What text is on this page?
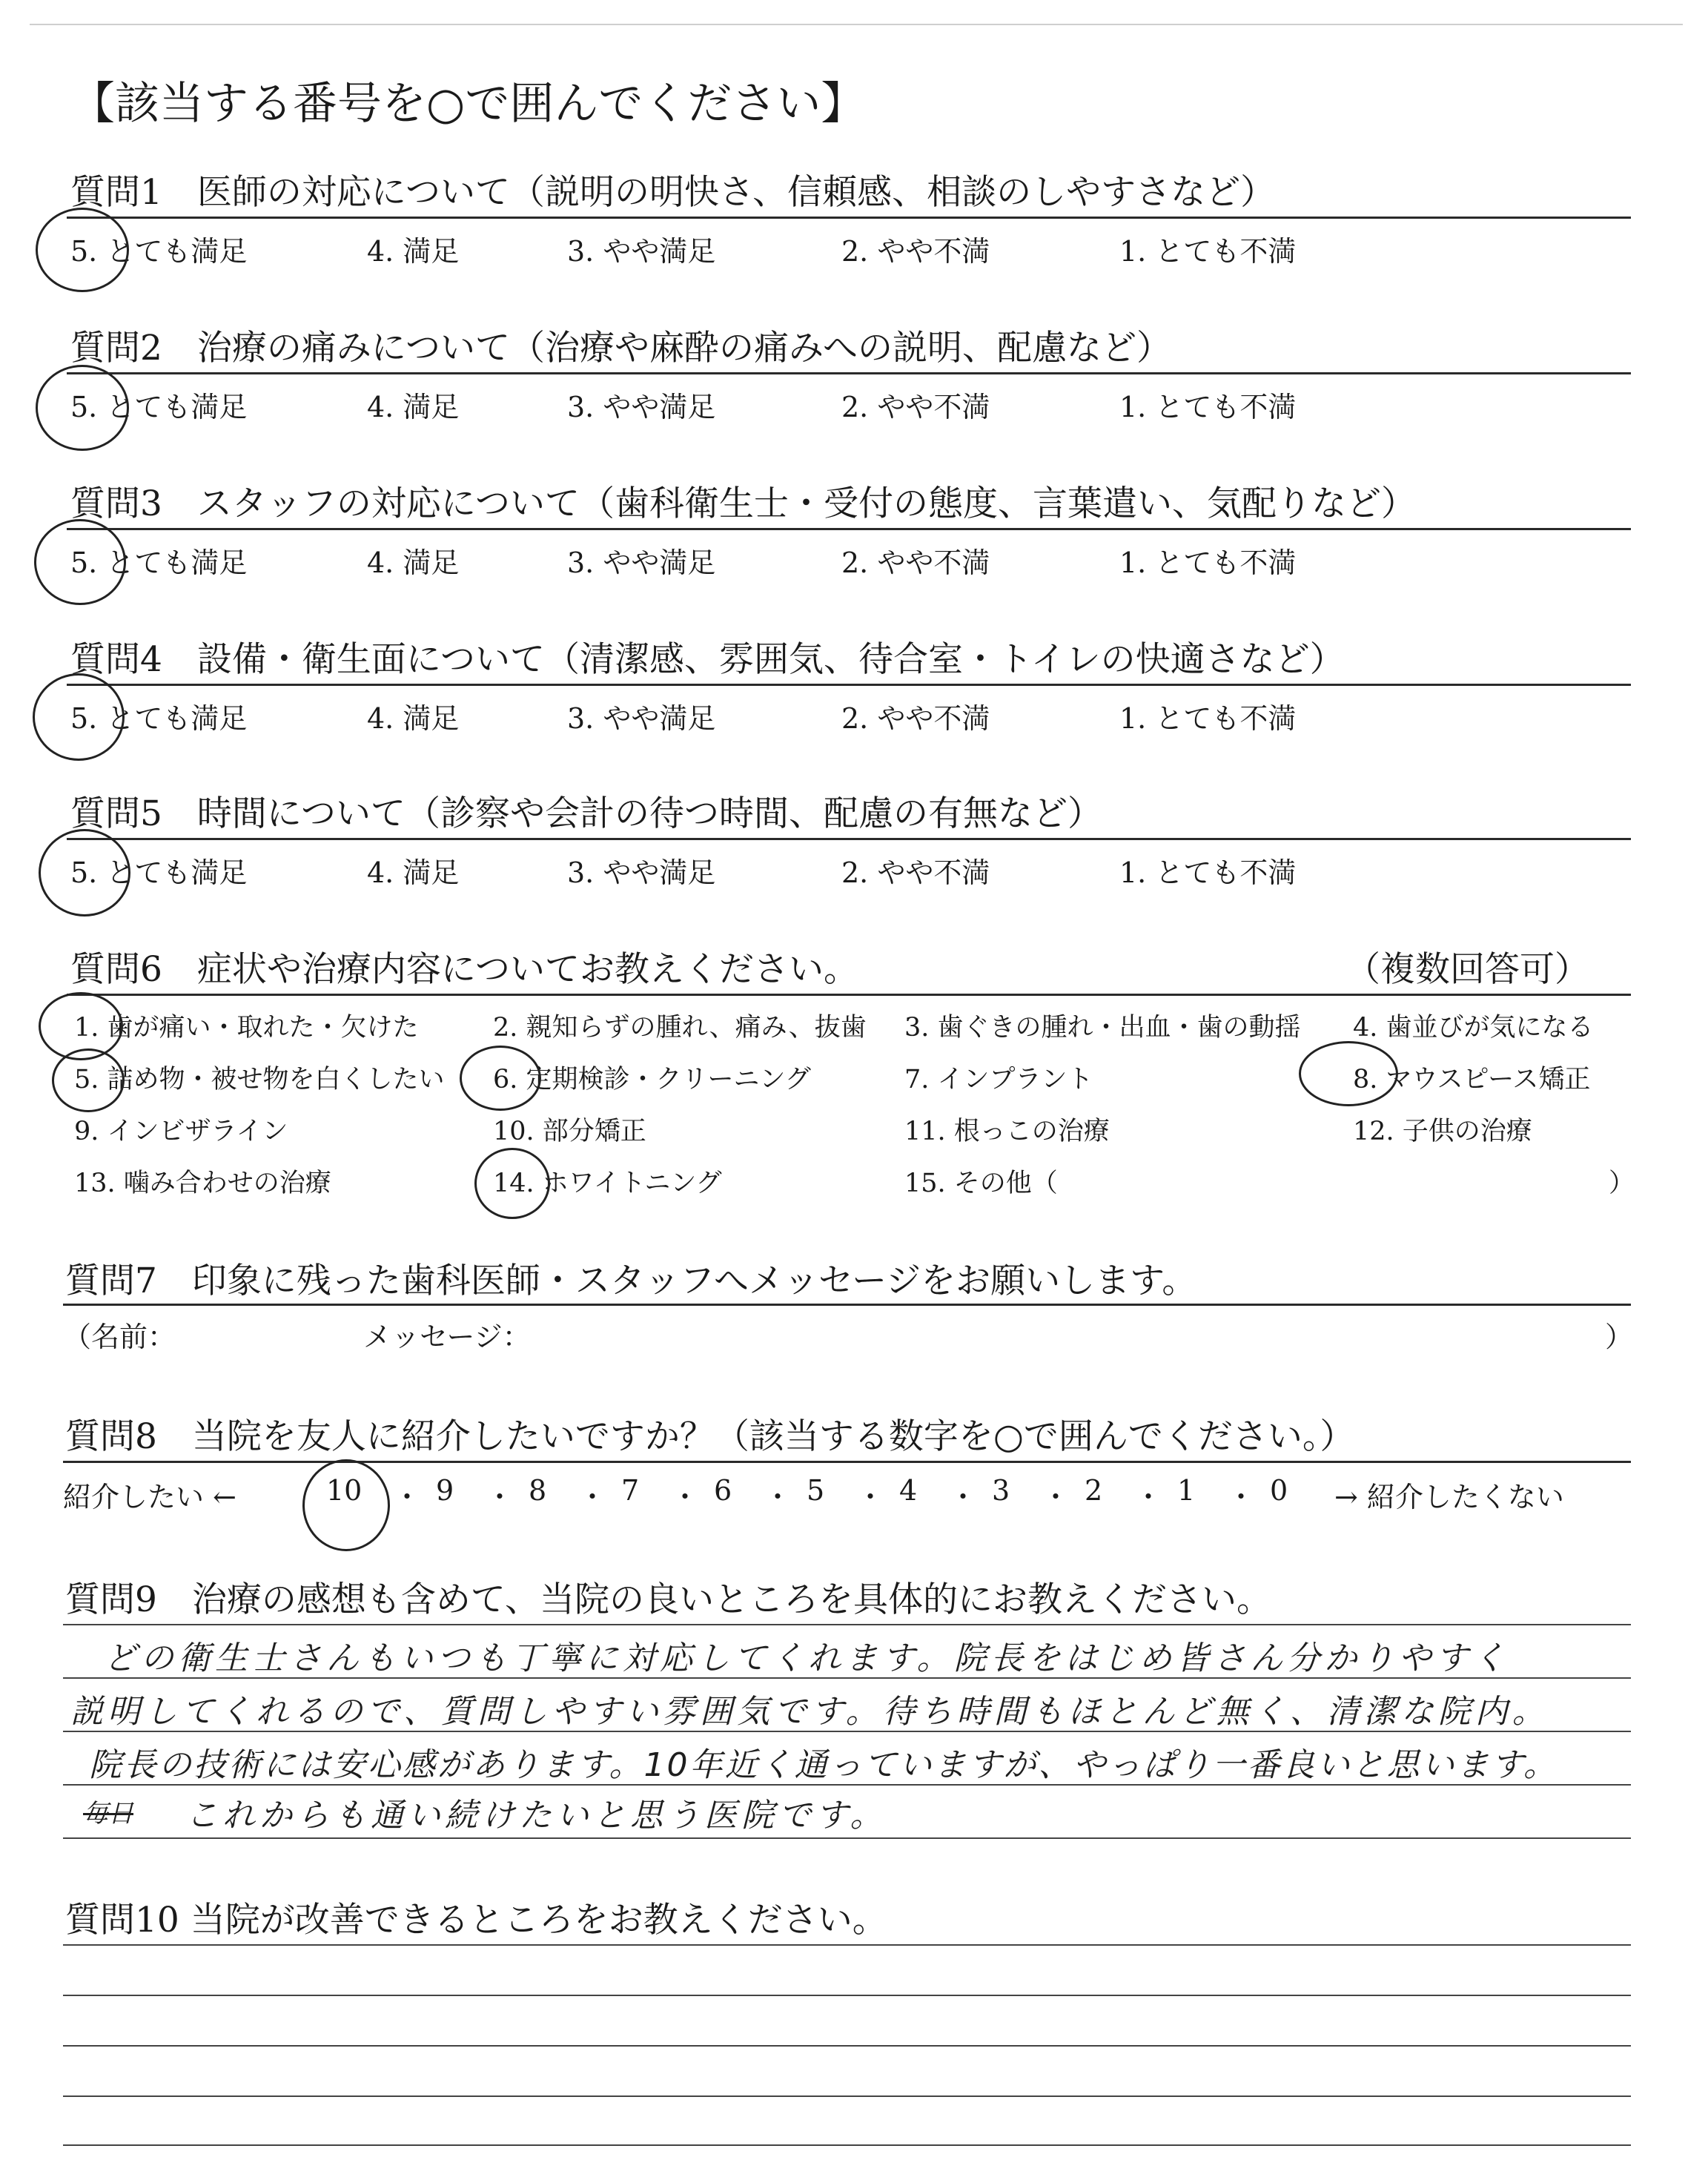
【該当する番号を○で囲んでください】
質問1　医師の対応について（説明の明快さ、信頼感、相談のしやすさなど）
5. とても満足	4. 満足	3. やや満足	2. やや不満	1. とても不満
質問2　治療の痛みについて（治療や麻酔の痛みへの説明、配慮など）
5. とても満足	4. 満足	3. やや満足	2. やや不満	1. とても不満
質問3　スタッフの対応について（歯科衛生士・受付の態度、言葉遣い、気配りなど）
5. とても満足	4. 満足	3. やや満足	2. やや不満	1. とても不満
質問4　設備・衛生面について（清潔感、雰囲気、待合室・トイレの快適さなど）
5. とても満足	4. 満足	3. やや満足	2. やや不満	1. とても不満
質問5　時間について（診察や会計の待つ時間、配慮の有無など）
5. とても満足	4. 満足	3. やや満足	2. やや不満	1. とても不満
質問6　症状や治療内容についてお教えください。	（複数回答可）
1. 歯が痛い・取れた・欠けた	2. 親知らずの腫れ、痛み、抜歯 3. 歯ぐきの腫れ・出血・歯の動揺 4. 歯並びが気になる
5. 詰め物・被せ物を白くしたい 6. 定期検診・クリーニング	7. インプラント	8. マウスピース矯正
9. インビザライン	10. 部分矯正	11. 根っこの治療	12. 子供の治療
13. 噛み合わせの治療	14. ホワイトニング	15. その他（	）
質問7　印象に残った歯科医師・スタッフへメッセージをお願いします。
（名前：	メッセージ：	）
質問8　当院を友人に紹介したいですか？（該当する数字を○で囲んでください。）
紹介したい ←	10 ・ 9 ・ 8 ・ 7 ・ 6 ・ 5 ・ 4 ・ 3 ・ 2 ・ 1 ・ 0 → 紹介したくない
質問9　治療の感想も含めて、当院の良いところを具体的にお教えください。
どの衛生士さんもいつも丁寧に対応してくれます。院長をはじめ皆さん分かりやすく
説明してくれるので、質問しやすい雰囲気です。待ち時間もほとんど無く、清潔な院内。
院長の技術には安心感があります。10年近く通っていますが、やっぱり一番良いと思います。
毎日 これからも通い続けたいと思う医院です。
質問10 当院が改善できるところをお教えください。
